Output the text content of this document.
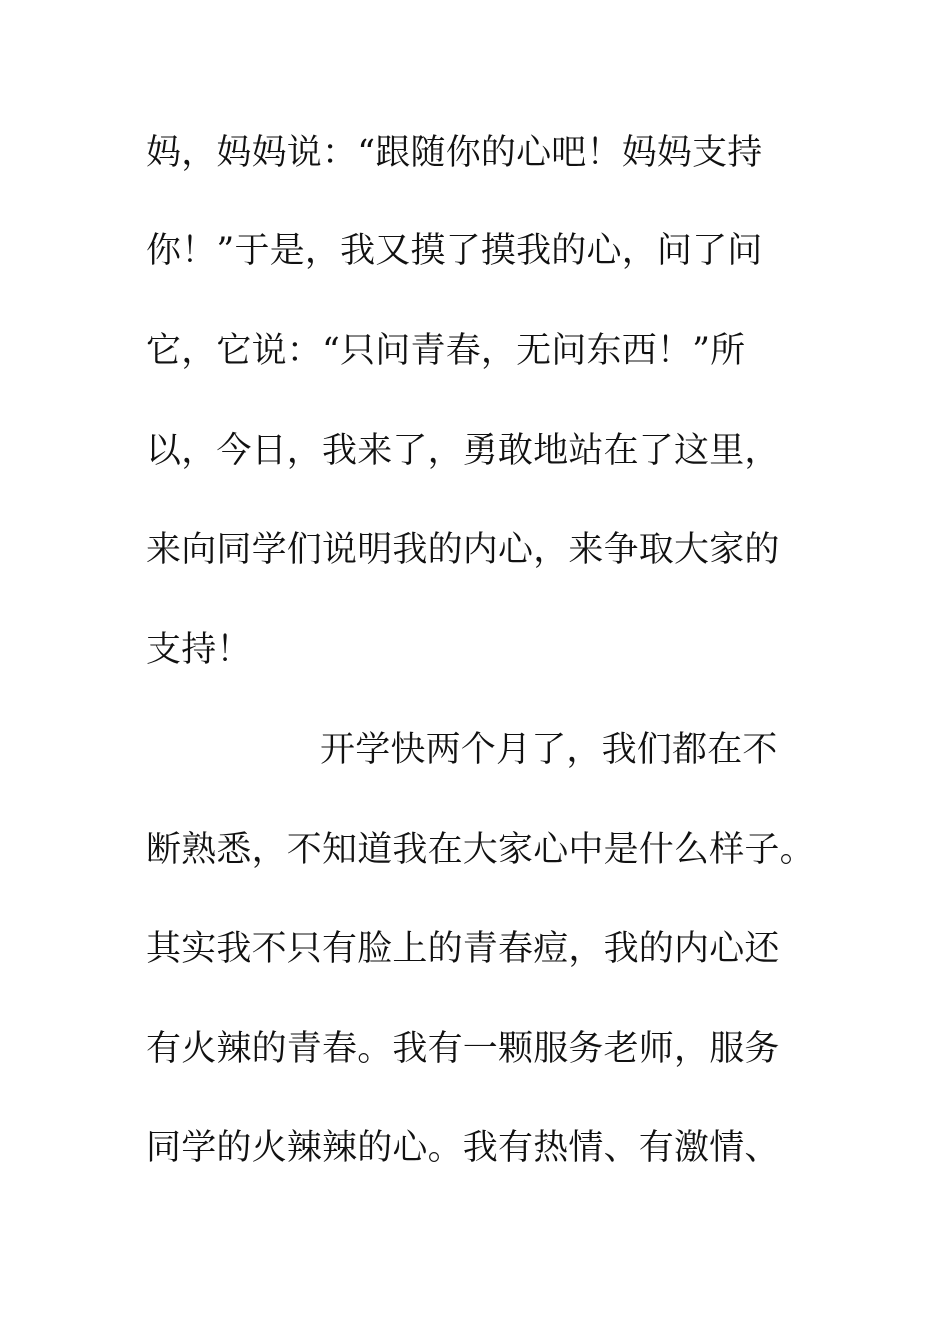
妈，妈妈说：“跟随你的心吧！妈妈支持

你！”于是，我又摸了摸我的心，问了问

它，它说：“只问青春，无问东西！”所

以，今日，我来了，勇敢地站在了这里，

来向同学们说明我的内心，来争取大家的

支持！

开学快两个月了，我们都在不

断熟悉，不知道我在大家心中是什么样子。

其实我不只有脸上的青春痘，我的内心还

有火辣的青春。我有一颗服务老师，服务

同学的火辣辣的心。我有热情、有激情、
